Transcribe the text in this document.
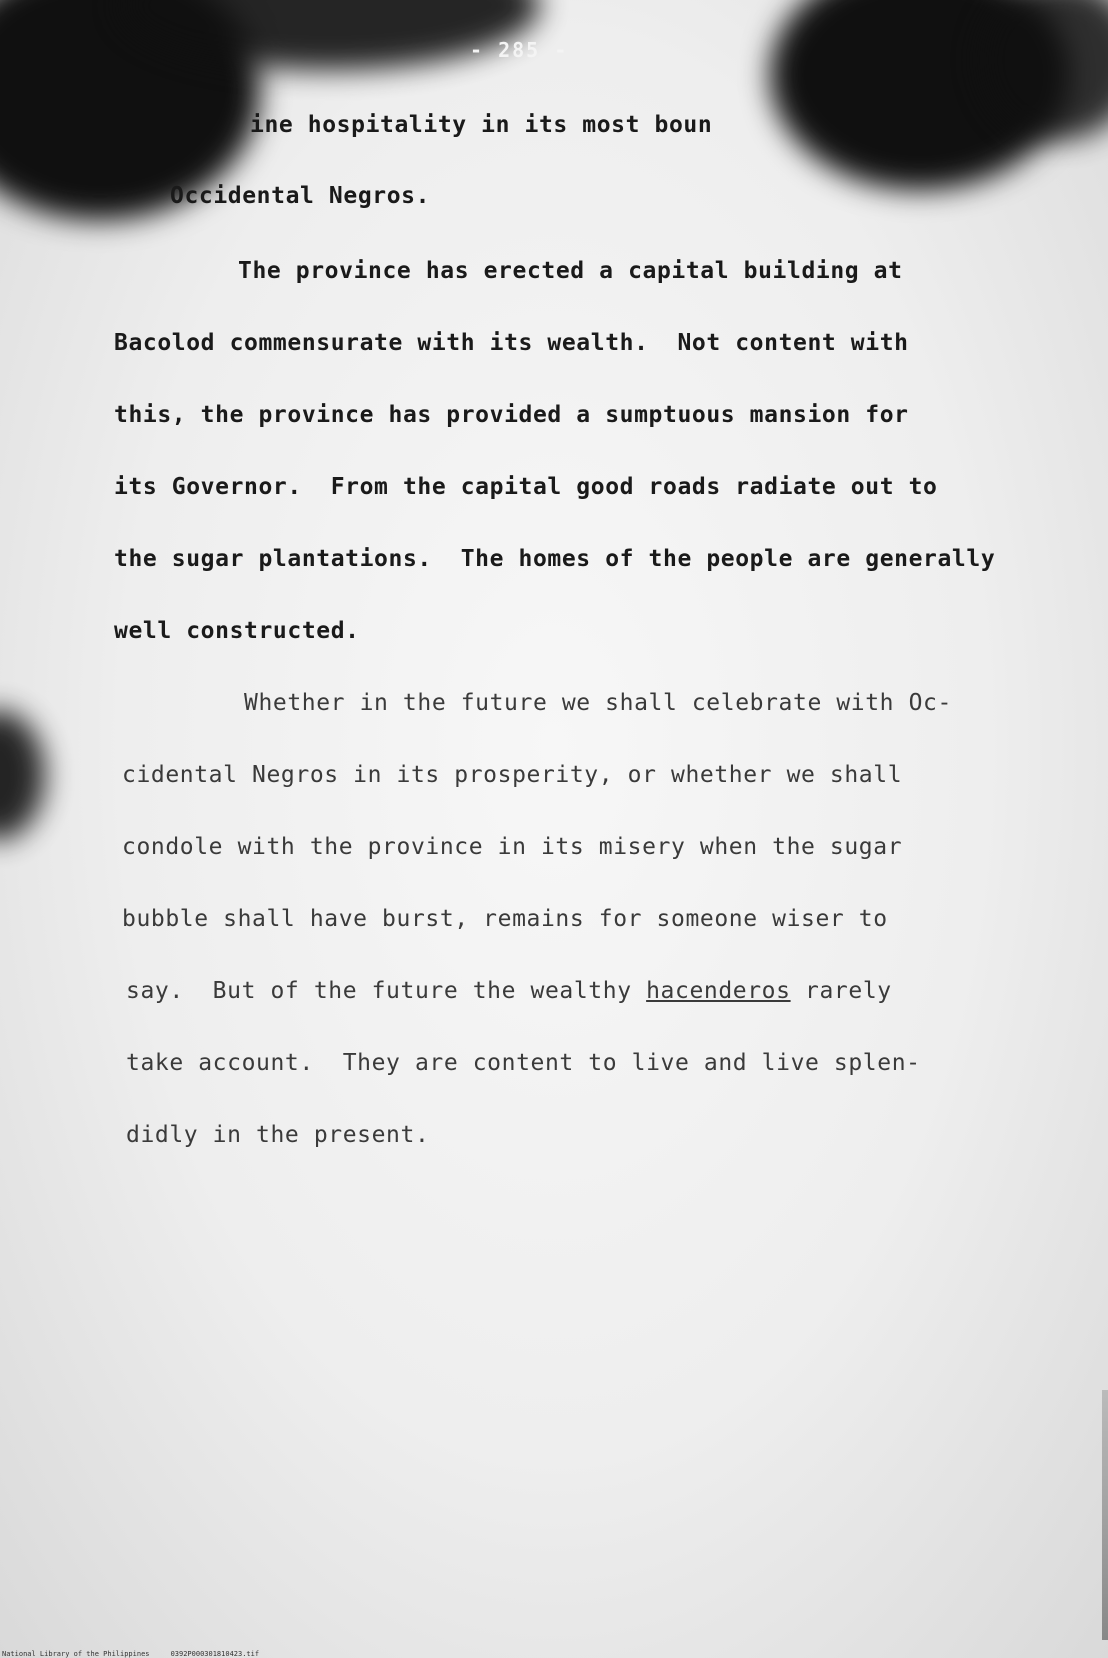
- 285 -
ine hospitality in its most boun
Occidental Negros.
The province has erected a capital building at
Bacolod commensurate with its wealth.  Not content with
this, the province has provided a sumptuous mansion for
its Governor.  From the capital good roads radiate out to
the sugar plantations.  The homes of the people are generally
well constructed.
Whether in the future we shall celebrate with Oc-
cidental Negros in its prosperity, or whether we shall
condole with the province in its misery when the sugar
bubble shall have burst, remains for someone wiser to
say.  But of the future the wealthy hacenderos rarely
take account.  They are content to live and live splen-
didly in the present.
National Library of the Philippines     0392P000301810423.tif
